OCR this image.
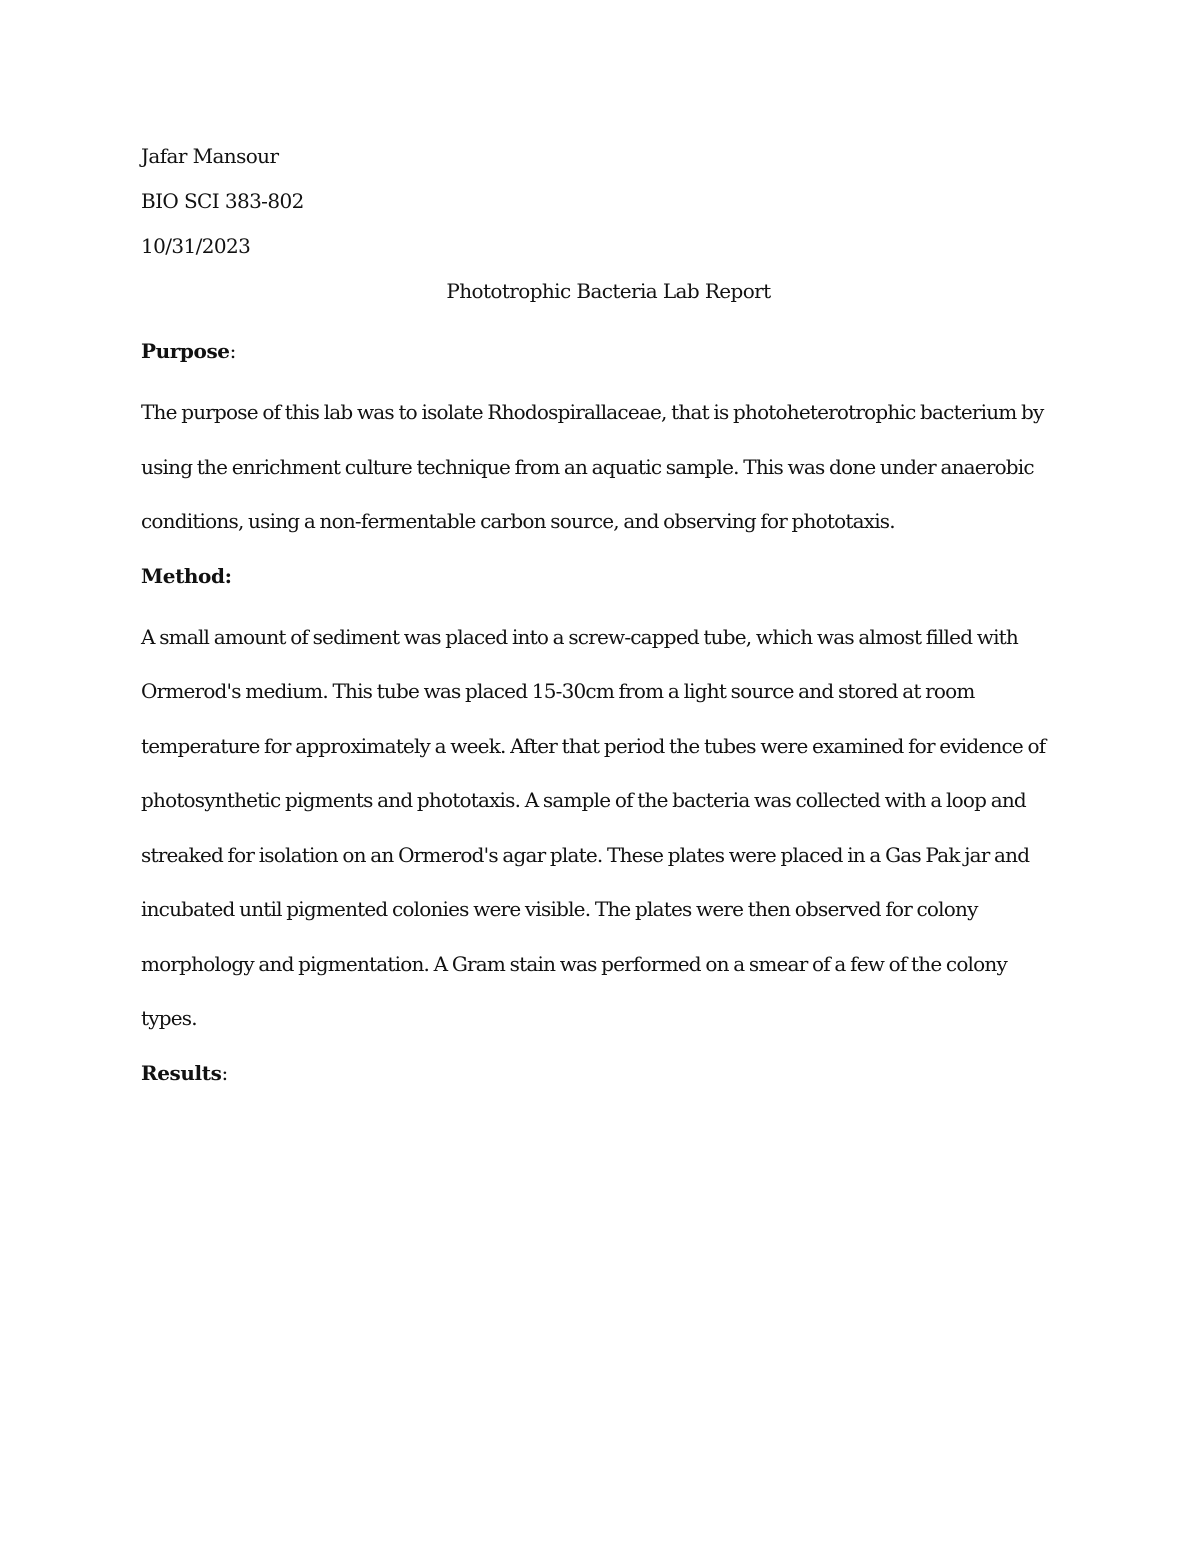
Jafar Mansour

BIO SCI 383-802

10/31/2023

Phototrophic Bacteria Lab Report

Purpose:

The purpose of this lab was to isolate Rhodospirallaceae, that is photoheterotrophic bacterium by using the enrichment culture technique from an aquatic sample. This was done under anaerobic conditions, using a non-fermentable carbon source, and observing for phototaxis.

Method:

A small amount of sediment was placed into a screw-capped tube, which was almost filled with Ormerod's medium. This tube was placed 15-30cm from a light source and stored at room temperature for approximately a week. After that period the tubes were examined for evidence of photosynthetic pigments and phototaxis. A sample of the bacteria was collected with a loop and streaked for isolation on an Ormerod's agar plate. These plates were placed in a Gas Pak jar and incubated until pigmented colonies were visible. The plates were then observed for colony morphology and pigmentation. A Gram stain was performed on a smear of a few of the colony types.

Results:
